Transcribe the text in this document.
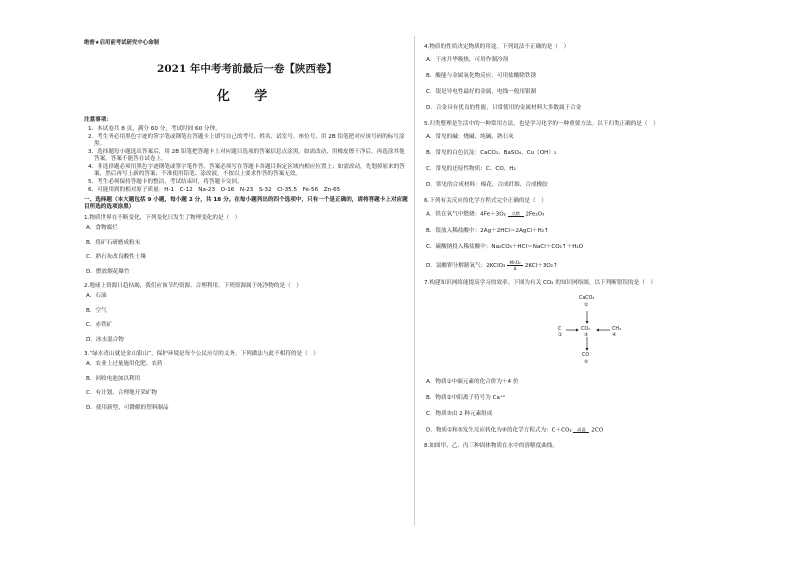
绝密★启用前考试研究中心命制
2021 年中考考前最后一卷【陕西卷】
化 学
注意事项：
1．本试卷共 8 页，满分 60 分，考试时间 60 分钟。
2．考生务必用黑色字迹的签字笔或钢笔在答题卡上填写自己的考号、姓名、试室号、座位号，用 2B 铅笔把对应该号码的标号涂黑。
3．选择题每小题选出答案后，用 2B 铅笔把答题卡上对应题目选项的答案信息点涂黑，如需改动，用橡皮擦干净后，再选涂其他答案，答案不能答在试卷上。
4．非选择题必须用黑色字迹钢笔或签字笔作答，答案必须写在答题卡各题目指定区域内相应位置上；如需改动，先划掉原来的答案，然后再写上新的答案；不准使用铅笔、涂改液。不按以上要求作答的答案无效。
5．考生必须保持答题卡的整洁，考试结束时，将答题卡交回。
6．可能用到的相对原子质量：H-1　C-12　Na-23　O-16　N-23　S-32　Cl-35.5　Fe-56　Zn-65
一、选择题（本大题包括 9 小题，每小题 2 分，共 18 分。在每小题列出的四个选项中，只有一个是正确的，请将答题卡上对应题目所选的选项涂黑）
1.物质世界在不断变化，下列变化只发生了物理变化的是（　）
A．食物腐烂
B．将矿石研磨成粉末
C．熟石灰改良酸性土壤
D．燃放烟花爆竹
2.地球上资源日趋枯竭，我们应该节约资源、合理利用。下列资源属于纯净物的是（　）
A．石油
B．空气
C．赤铁矿
D．冰水混合物
3.“绿水青山就是金山银山”，保护环境是每个公民应尽的义务。下列做法与此不相符的是（　）
A．农业上过量施用化肥、农药
B．回收电池加以利用
C．有计划、合理地开采矿物
D．使用新型、可降解的塑料制品
4.物质的性质决定物质的用途。下列说法不正确的是（　）
A．干冰升华吸热，可用作制冷剂
B．酸能与金属氧化物反应，可用盐酸除铁锈
C．银是导电性最好的金属，电线一般用银制
D．合金具有优良的性能，日常使用的金属材料大多数属于合金
5.归类整理是生活中的一种常用方法，也是学习化学的一种重要方法。以下归类正确的是（　）
A．常见的碱：烧碱、纯碱、熟石灰
B．常见的白色沉淀：CaCO₃、BaSO₄、Cu（OH）₂
C．常见的还原性物质：C、CO、H₂
D．常见的合成材料：棉花、合成纤维、合成橡胶
6.下列有关反应的化学方程式完全正确的是（　）
A．铁在氧气中燃烧：4Fe＋3O₂ 点燃 2Fe₂O₃
B．银放入稀盐酸中：2Ag＋2HCl＝2AgCl＋H₂↑
C．碳酸钠投入稀盐酸中：Na₂CO₃＋HCl＝NaCl＋CO₂↑＋H₂O
D．氯酸钾分解制氧气：2KClO₃ MnO₂
Δ 2KCl＋3O₂↑
7.构建知识网络能提高学习的效率。下图为有关 CO₂ 的知识网络图，以下判断错误的是（　）
CaCO₃
②
C
①
CO₂
③
CH₄
④
CO
⑤
A．物质①中碳元素的化合价为＋4 价
B．物质②中阳离子符号为 Ca⁺²
C．物质③由 2 种元素组成
D．物质①和⑤发生反应转化为④的化学方程式为：C＋CO₂ 高温 2CO
8.如图甲、乙、丙三种固体物质在水中的溶解度曲线。
